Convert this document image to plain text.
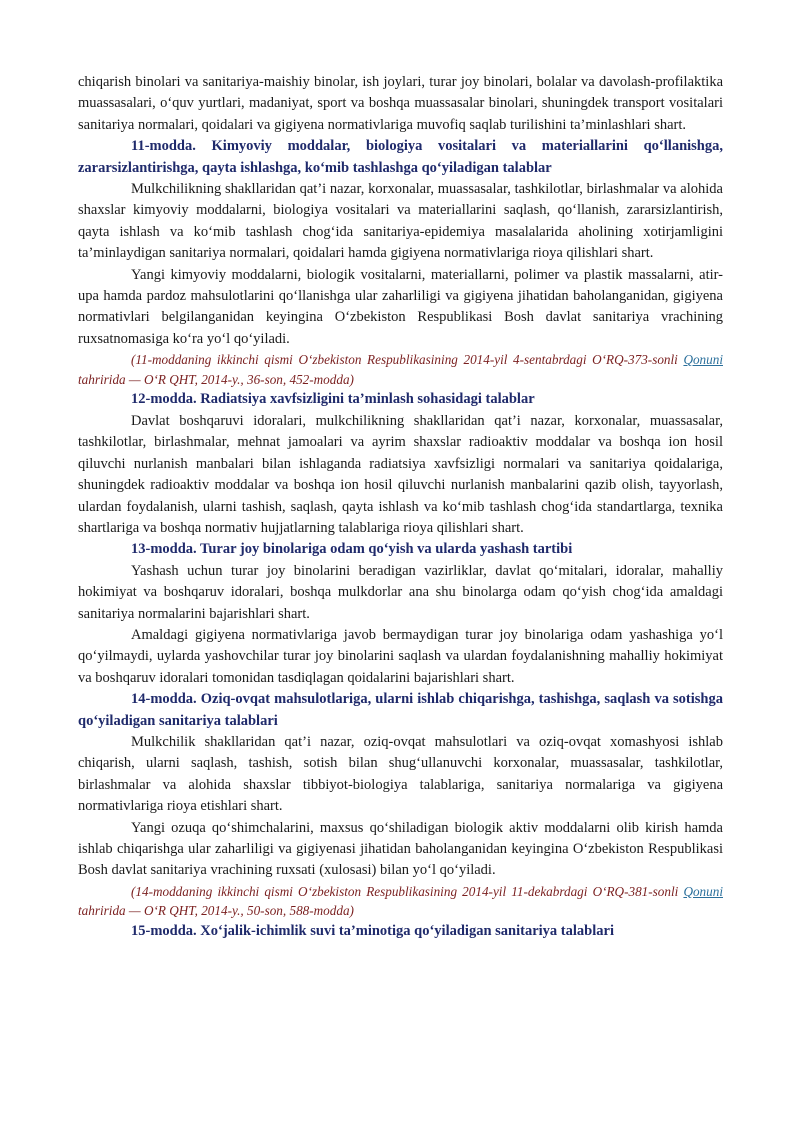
chiqarish binolari va sanitariya-maishiy binolar, ish joylari, turar joy binolari, bolalar va davolash-profilaktika muassasalari, o‘quv yurtlari, madaniyat, sport va boshqa muassasalar binolari, shuningdek transport vositalari sanitariya normalari, qoidalari va gigiyena normativlariga muvofiq saqlab turilishini ta’minlashlari shart.

11-modda. Kimyoviy moddalar, biologiya vositalari va materiallarini qo‘llanishga, zararsizlantirishga, qayta ishlashga, ko‘mib tashlashga qo‘yiladigan talablar

Mulkchilikning shakllaridan qat’i nazar, korxonalar, muassasalar, tashkilotlar, birlashmalar va alohida shaxslar kimyoviy moddalarni, biologiya vositalari va materiallarini saqlash, qo‘llanish, zararsizlantirish, qayta ishlash va ko‘mib tashlash chog‘ida sanitariya-epidemiya masalalarida aholining xotirjamligini ta’minlaydigan sanitariya normalari, qoidalari hamda gigiyena normativlariga rioya qilishlari shart.

Yangi kimyoviy moddalarni, biologik vositalarni, materiallarni, polimer va plastik massalarni, atir-upa hamda pardoz mahsulotlarini qo‘llanishga ular zaharliligi va gigiyena jihatidan baholanganidan, gigiyena normativlari belgilanganidan keyingina O‘zbekiston Respublikasi Bosh davlat sanitariya vrachining ruxsatnomasiga ko‘ra yo‘l qo‘yiladi.

(11-moddaning ikkinchi qismi O‘zbekiston Respublikasining 2014-yil 4-sentabrdagi O‘RQ-373-sonli Qonuni tahririda — O‘R QHT, 2014-y., 36-son, 452-modda)

12-modda. Radiatsiya xavfsizligini ta’minlash sohasidagi talablar

Davlat boshqaruvi idoralari, mulkchilikning shakllaridan qat’i nazar, korxonalar, muassasalar, tashkilotlar, birlashmalar, mehnat jamoalari va ayrim shaxslar radioaktiv moddalar va boshqa ion hosil qiluvchi nurlanish manbalari bilan ishlaganda radiatsiya xavfsizligi normalari va sanitariya qoidalariga, shuningdek radioaktiv moddalar va boshqa ion hosil qiluvchi nurlanish manbalarini qazib olish, tayyorlash, ulardan foydalanish, ularni tashish, saqlash, qayta ishlash va ko‘mib tashlash chog‘ida standartlarga, texnika shartlariga va boshqa normativ hujjatlarning talablariga rioya qilishlari shart.

13-modda. Turar joy binolariga odam qo‘yish va ularda yashash tartibi

Yashash uchun turar joy binolarini beradigan vazirliklar, davlat qo‘mitalari, idoralar, mahalliy hokimiyat va boshqaruv idoralari, boshqa mulkdorlar ana shu binolarga odam qo‘yish chog‘ida amaldagi sanitariya normalarini bajarishlari shart.

Amaldagi gigiyena normativlariga javob bermaydigan turar joy binolariga odam yashashiga yo‘l qo‘yilmaydi, uylarda yashovchilar turar joy binolarini saqlash va ulardan foydalanishning mahalliy hokimiyat va boshqaruv idoralari tomonidan tasdiqlagan qoidalarini bajarishlari shart.

14-modda. Oziq-ovqat mahsulotlariga, ularni ishlab chiqarishga, tashishga, saqlash va sotishga qo‘yiladigan sanitariya talablari

Mulkchilik shakllaridan qat’i nazar, oziq-ovqat mahsulotlari va oziq-ovqat xomashyosi ishlab chiqarish, ularni saqlash, tashish, sotish bilan shug‘ullanuvchi korxonalar, muassasalar, tashkilotlar, birlashmalar va alohida shaxslar tibbiyot-biologiya talablariga, sanitariya normalariga va gigiyena normativlariga rioya etishlari shart.

Yangi ozuqa qo‘shimchalarini, maxsus qo‘shiladigan biologik aktiv moddalarni olib kirish hamda ishlab chiqarishga ular zaharliligi va gigiyenasi jihatidan baholanganidan keyingina O‘zbekiston Respublikasi Bosh davlat sanitariya vrachining ruxsati (xulosasi) bilan yo‘l qo‘yiladi.

(14-moddaning ikkinchi qismi O‘zbekiston Respublikasining 2014-yil 11-dekabrdagi O‘RQ-381-sonli Qonuni tahririda — O‘R QHT, 2014-y., 50-son, 588-modda)

15-modda. Xo‘jalik-ichimlik suvi ta’minotiga qo‘yiladigan sanitariya talablari
